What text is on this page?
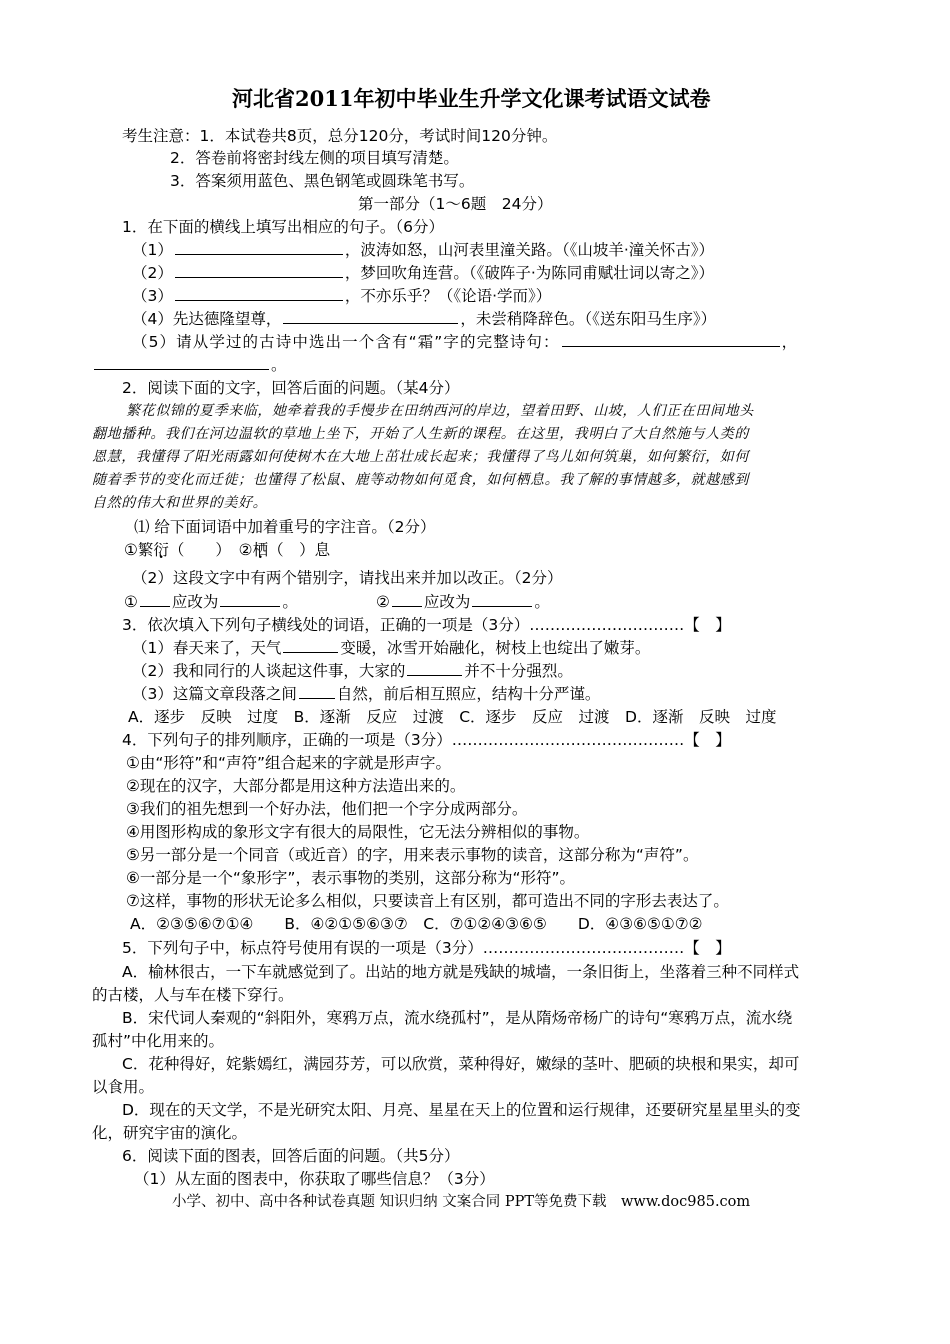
河北省2011年初中毕业生升学文化课考试语文试卷
考生注意：1．本试卷共8页，总分120分，考试时间120分钟。
2．答卷前将密封线左侧的项目填写清楚。
3．答案须用蓝色、黑色钢笔或圆珠笔书写。
第一部分（1～6题　24分）
1．在下面的横线上填写出相应的句子。（6分）
（1）	，波涛如怒，山河表里潼关路。（《山坡羊·潼关怀古》）
（2）	，梦回吹角连营。（《破阵子·为陈同甫赋壮词以寄之》）
（3）	，不亦乐乎？（《论语·学而》）
（4）先达德隆望尊，	，未尝稍降辞色。（《送东阳马生序》）
（5）请从学过的古诗中选出一个含有“霜”字的完整诗句：	，
。
2．阅读下面的文字，回答后面的问题。（某4分）
繁花似锦的夏季来临，她牵着我的手慢步在田纳西河的岸边，望着田野、山坡，人们正在田间地头
翻地播种。我们在河边温软的草地上坐下，开始了人生新的课程。在这里，我明白了大自然施与人类的
恩慧，我懂得了阳光雨露如何使树木在大地上茁壮成长起来；我懂得了鸟儿如何筑巢，如何繁衍，如何
随着季节的变化而迁徙；也懂得了松鼠、鹿等动物如何觅食，如何栖息。我了解的事情越多，就越感到
自然的伟大和世界的美好。
⑴ 给下面词语中加着重号的字注音。（2分）
①繁衍（　　）　②栖（　）息
（2）这段文字中有两个错别字，请找出来并加以改正。（2分）
① 应改为	。	② 应改为	。
3．依次填入下列句子横线处的词语，正确的一项是（3分）…………………………【　】
（1）春天来了，天气	变暖，冰雪开始融化，树枝上也绽出了嫩芽。
（2）我和同行的人谈起这件事，大家的	并不十分强烈。
（3）这篇文章段落之间	自然，前后相互照应，结构十分严谨。
A．逐步　反映　过度　B．逐渐　反应　过渡　C．逐步　反应　过渡　D．逐渐　反映　过度
4．下列句子的排列顺序，正确的一项是（3分）………………………………………【　】
①由“形符”和“声符”组合起来的字就是形声字。
②现在的汉字，大部分都是用这种方法造出来的。
③我们的祖先想到一个好办法，他们把一个字分成两部分。
④用图形构成的象形文字有很大的局限性，它无法分辨相似的事物。
⑤另一部分是一个同音（或近音）的字，用来表示事物的读音，这部分称为“声符”。
⑥一部分是一个“象形字”，表示事物的类别，这部分称为“形符”。
⑦这样，事物的形状无论多么相似，只要读音上有区别，都可造出不同的字形去表达了。
A．②③⑤⑥⑦①④　　B．④②①⑤⑥③⑦　C．⑦①②④③⑥⑤　　D．④③⑥⑤①⑦②
5．下列句子中，标点符号使用有误的一项是（3分）…………………………………【　】
A．榆林很古，一下车就感觉到了。出站的地方就是残缺的城墙，一条旧街上，坐落着三种不同样式
的古楼，人与车在楼下穿行。
B．宋代词人秦观的“斜阳外，寒鸦万点，流水绕孤村”，是从隋炀帝杨广的诗句“寒鸦万点，流水绕
孤村”中化用来的。
C．花种得好，姹紫嫣红，满园芬芳，可以欣赏，菜种得好，嫩绿的茎叶、肥硕的块根和果实，却可
以食用。
D．现在的天文学，不是光研究太阳、月亮、星星在天上的位置和运行规律，还要研究星星里头的变
化，研究宇宙的演化。
6．阅读下面的图表，回答后面的问题。（共5分）
（1）从左面的图表中，你获取了哪些信息？（3分）
小学、初中、高中各种试卷真题 知识归纳 文案合同 PPT等免费下载　www.doc985.com
